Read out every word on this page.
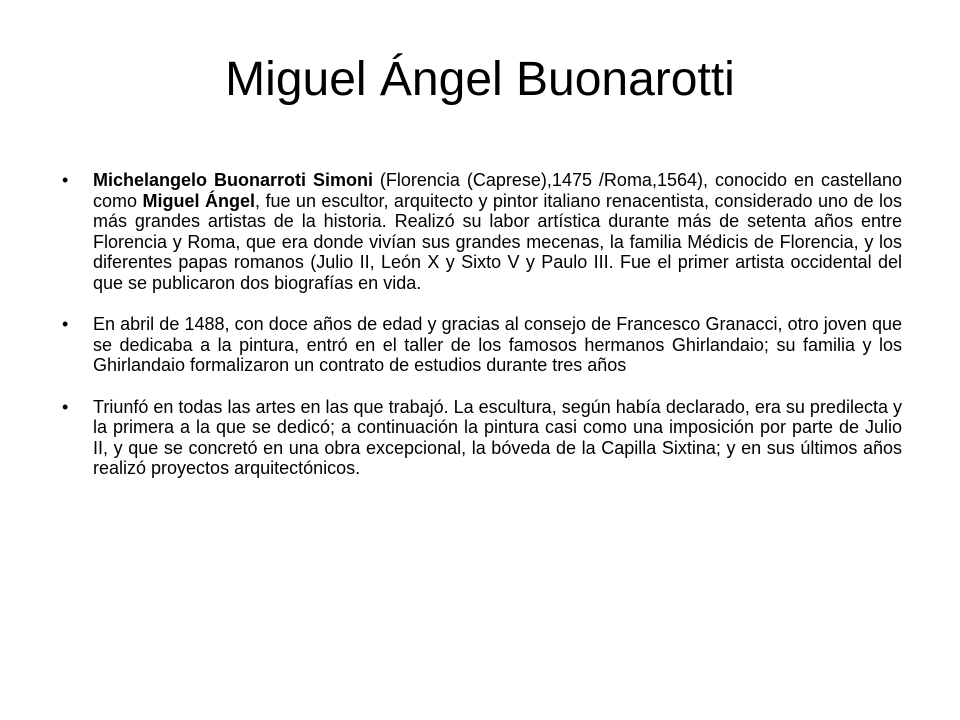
Miguel Ángel Buonarotti
• Michelangelo Buonarroti Simoni (Florencia (Caprese),1475 /Roma,1564), conocido en castellano como Miguel Ángel, fue un escultor, arquitecto y pintor italiano renacentista, considerado uno de los más grandes artistas de la historia. Realizó su labor artística durante más de setenta años entre Florencia y Roma, que era donde vivían sus grandes mecenas, la familia Médicis de Florencia, y los diferentes papas romanos (Julio II, León X y Sixto V y Paulo III. Fue el primer artista occidental del que se publicaron dos biografías en vida.
• En abril de 1488, con doce años de edad y gracias al consejo de Francesco Granacci, otro joven que se dedicaba a la pintura, entró en el taller de los famosos hermanos Ghirlandaio; su familia y los Ghirlandaio formalizaron un contrato de estudios durante tres años
• Triunfó en todas las artes en las que trabajó. La escultura, según había declarado, era su predilecta y la primera a la que se dedicó; a continuación la pintura casi como una imposición por parte de Julio II, y que se concretó en una obra excepcional, la bóveda de la Capilla Sixtina; y en sus últimos años realizó proyectos arquitectónicos.
